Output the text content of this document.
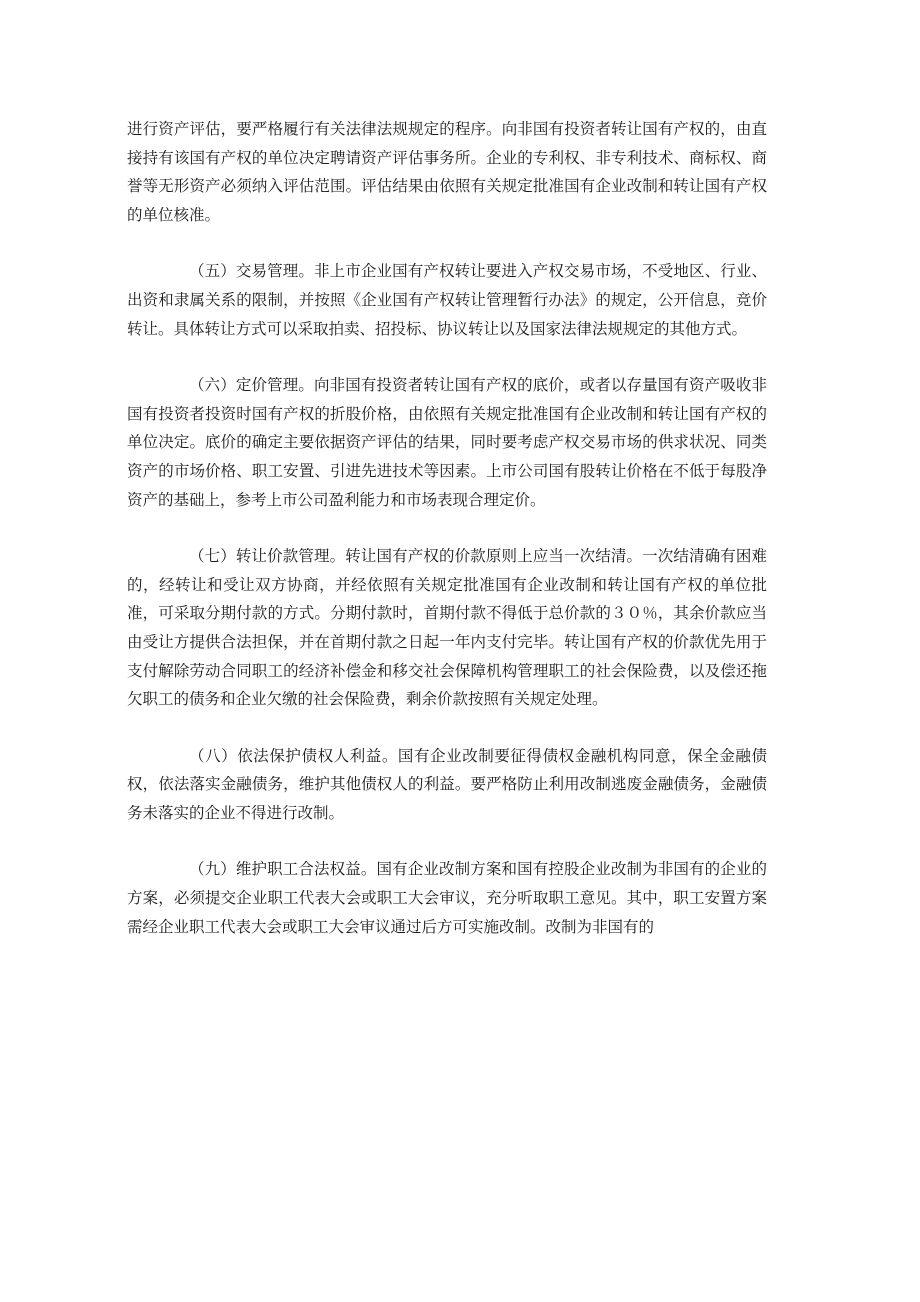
进行资产评估，要严格履行有关法律法规规定的程序。向非国有投资者转让国有产权的，由直接持有该国有产权的单位决定聘请资产评估事务所。企业的专利权、非专利技术、商标权、商誉等无形资产必须纳入评估范围。评估结果由依照有关规定批准国有企业改制和转让国有产权的单位核准。

（五）交易管理。非上市企业国有产权转让要进入产权交易市场，不受地区、行业、出资和隶属关系的限制，并按照《企业国有产权转让管理暂行办法》的规定，公开信息，竞价转让。具体转让方式可以采取拍卖、招投标、协议转让以及国家法律法规规定的其他方式。

（六）定价管理。向非国有投资者转让国有产权的底价，或者以存量国有资产吸收非国有投资者投资时国有产权的折股价格，由依照有关规定批准国有企业改制和转让国有产权的单位决定。底价的确定主要依据资产评估的结果，同时要考虑产权交易市场的供求状况、同类资产的市场价格、职工安置、引进先进技术等因素。上市公司国有股转让价格在不低于每股净资产的基础上，参考上市公司盈利能力和市场表现合理定价。

（七）转让价款管理。转让国有产权的价款原则上应当一次结清。一次结清确有困难的，经转让和受让双方协商，并经依照有关规定批准国有企业改制和转让国有产权的单位批准，可采取分期付款的方式。分期付款时，首期付款不得低于总价款的３０％，其余价款应当由受让方提供合法担保，并在首期付款之日起一年内支付完毕。转让国有产权的价款优先用于支付解除劳动合同职工的经济补偿金和移交社会保障机构管理职工的社会保险费，以及偿还拖欠职工的债务和企业欠缴的社会保险费，剩余价款按照有关规定处理。

（八）依法保护债权人利益。国有企业改制要征得债权金融机构同意，保全金融债权，依法落实金融债务，维护其他债权人的利益。要严格防止利用改制逃废金融债务，金融债务未落实的企业不得进行改制。

（九）维护职工合法权益。国有企业改制方案和国有控股企业改制为非国有的企业的方案，必须提交企业职工代表大会或职工大会审议，充分听取职工意见。其中，职工安置方案需经企业职工代表大会或职工大会审议通过后方可实施改制。改制为非国有的
